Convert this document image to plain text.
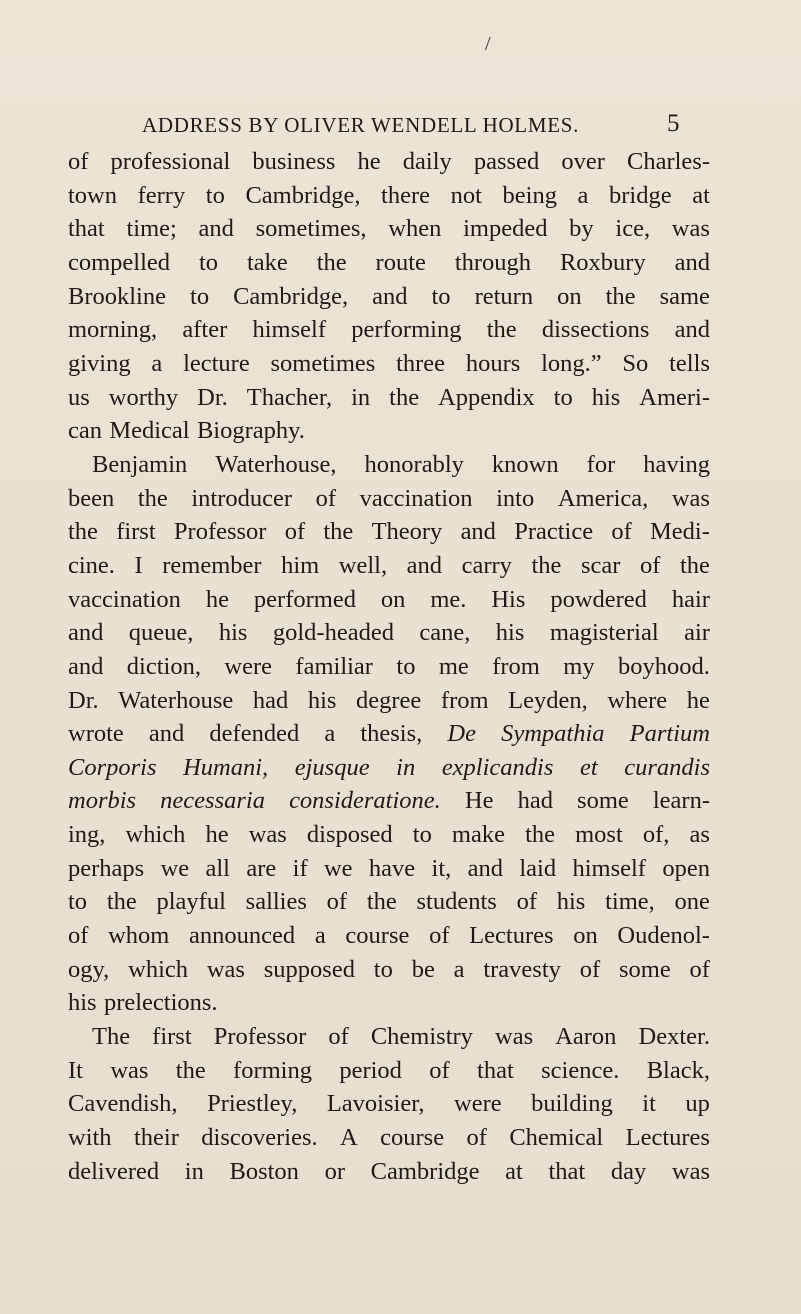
/
ADDRESS BY OLIVER WENDELL HOLMES.	5
of professional business he daily passed over Charles-
town ferry to Cambridge, there not being a bridge at
that time; and sometimes, when impeded by ice, was
compelled to take the route through Roxbury and
Brookline to Cambridge, and to return on the same
morning, after himself performing the dissections and
giving a lecture sometimes three hours long.” So tells
us worthy Dr. Thacher, in the Appendix to his Ameri-
can Medical Biography.
Benjamin Waterhouse, honorably known for having
been the introducer of vaccination into America, was
the first Professor of the Theory and Practice of Medi-
cine. I remember him well, and carry the scar of the
vaccination he performed on me. His powdered hair
and queue, his gold-headed cane, his magisterial air
and diction, were familiar to me from my boyhood.
Dr. Waterhouse had his degree from Leyden, where he
wrote and defended a thesis, De Sympathia Partium
Corporis Humani, ejusque in explicandis et curandis
morbis necessaria consideratione. He had some learn-
ing, which he was disposed to make the most of, as
perhaps we all are if we have it, and laid himself open
to the playful sallies of the students of his time, one
of whom announced a course of Lectures on Oudenol-
ogy, which was supposed to be a travesty of some of
his prelections.
The first Professor of Chemistry was Aaron Dexter.
It was the forming period of that science. Black,
Cavendish, Priestley, Lavoisier, were building it up
with their discoveries. A course of Chemical Lectures
delivered in Boston or Cambridge at that day was
